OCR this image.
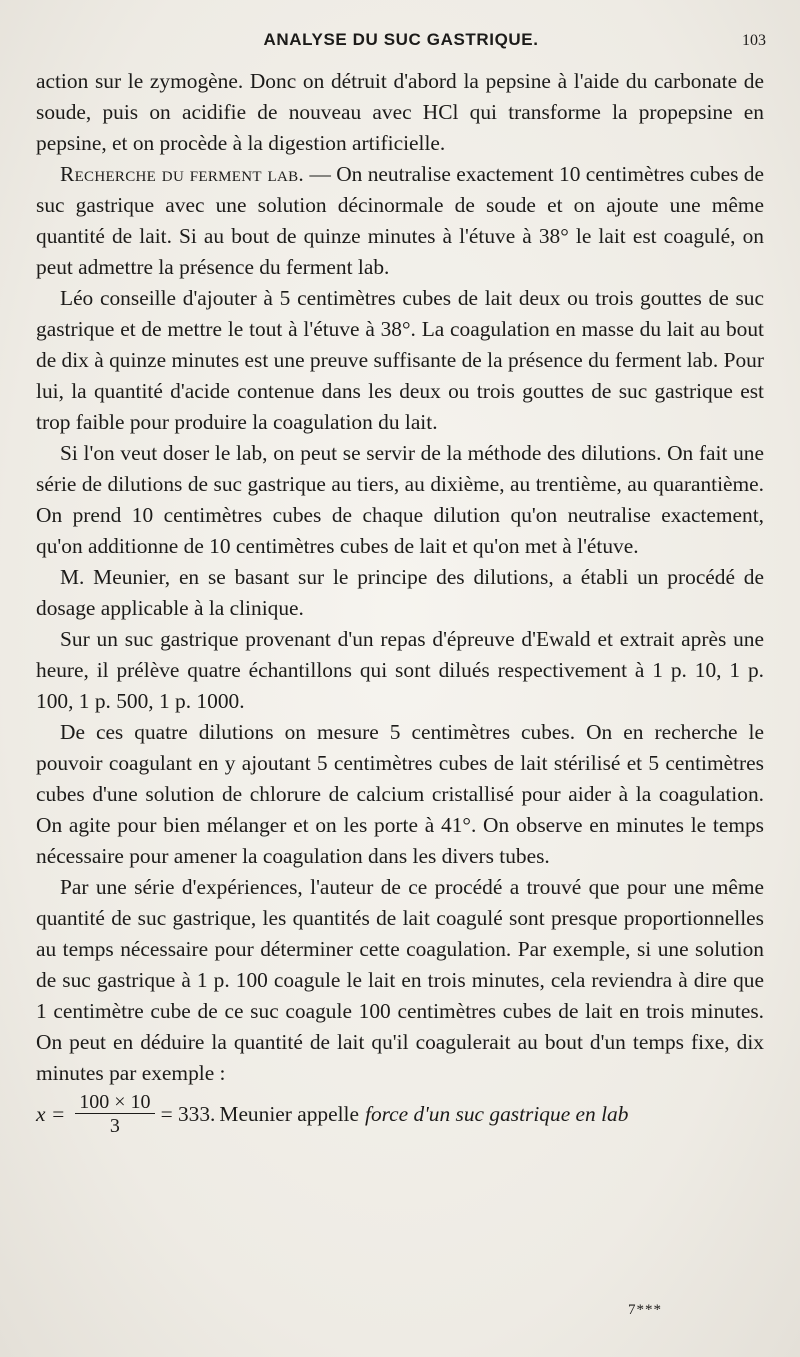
ANALYSE DU SUC GASTRIQUE.	103

action sur le zymogène. Donc on détruit d'abord la pepsine à l'aide du carbonate de soude, puis on acidifie de nouveau avec HCl qui transforme la propepsine en pepsine, et on procède à la digestion artificielle.

Recherche du ferment lab. — On neutralise exactement 10 centimètres cubes de suc gastrique avec une solution décinormale de soude et on ajoute une même quantité de lait. Si au bout de quinze minutes à l'étuve à 38° le lait est coagulé, on peut admettre la présence du ferment lab.

Léo conseille d'ajouter à 5 centimètres cubes de lait deux ou trois gouttes de suc gastrique et de mettre le tout à l'étuve à 38°. La coagulation en masse du lait au bout de dix à quinze minutes est une preuve suffisante de la présence du ferment lab. Pour lui, la quantité d'acide contenue dans les deux ou trois gouttes de suc gastrique est trop faible pour produire la coagulation du lait.

Si l'on veut doser le lab, on peut se servir de la méthode des dilutions. On fait une série de dilutions de suc gastrique au tiers, au dixième, au trentième, au quarantième. On prend 10 centimètres cubes de chaque dilution qu'on neutralise exactement, qu'on additionne de 10 centimètres cubes de lait et qu'on met à l'étuve.

M. Meunier, en se basant sur le principe des dilutions, a établi un procédé de dosage applicable à la clinique.

Sur un suc gastrique provenant d'un repas d'épreuve d'Ewald et extrait après une heure, il prélève quatre échantillons qui sont dilués respectivement à 1 p. 10, 1 p. 100, 1 p. 500, 1 p. 1000.

De ces quatre dilutions on mesure 5 centimètres cubes. On en recherche le pouvoir coagulant en y ajoutant 5 centimètres cubes de lait stérilisé et 5 centimètres cubes d'une solution de chlorure de calcium cristallisé pour aider à la coagulation. On agite pour bien mélanger et on les porte à 41°. On observe en minutes le temps nécessaire pour amener la coagulation dans les divers tubes.

Par une série d'expériences, l'auteur de ce procédé a trouvé que pour une même quantité de suc gastrique, les quantités de lait coagulé sont presque proportionnelles au temps nécessaire pour déterminer cette coagulation. Par exemple, si une solution de suc gastrique à 1 p. 100 coagule le lait en trois minutes, cela reviendra à dire que 1 centimètre cube de ce suc coagule 100 centimètres cubes de lait en trois minutes. On peut en déduire la quantité de lait qu'il coagulerait au bout d'un temps fixe, dix minutes par exemple :

$x = \frac{100 \times 10}{3} = 333$. Meunier appelle force d'un suc gastrique en lab
7***
